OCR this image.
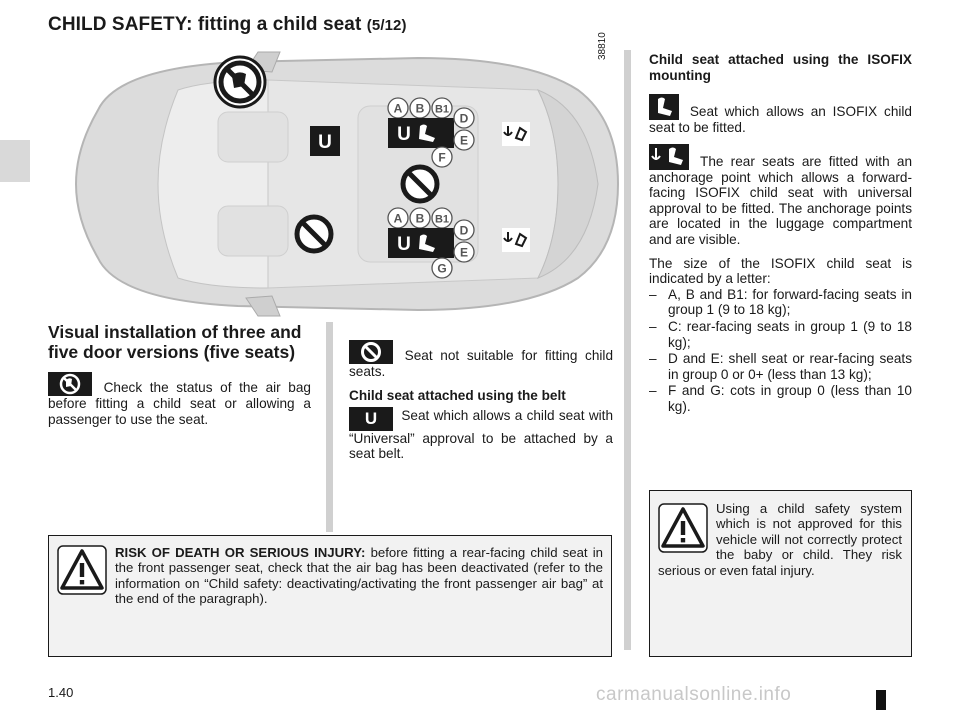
CHILD SAFETY: fitting a child seat (5/12)
U
A B B1
U
D
E
F
A B B1
U
D
E
G
38810
Visual installation of three and five door versions (five seats)

Check the status of the air bag before fitting a child seat or allowing a passenger to use the seat.

Seat not suitable for fitting child seats.

Child seat attached using the belt

U Seat which allows a child seat with “Universal” approval to be attached by a seat belt.

Child seat attached using the ISOFIX mounting

Seat which allows an ISOFIX child seat to be fitted.

The rear seats are fitted with an anchorage point which allows a forward-facing ISOFIX child seat with universal approval to be fitted. The anchorage points are located in the luggage compartment and are visible.

The size of the ISOFIX child seat is indicated by a letter:

– A, B and B1: for forward-facing seats in group 1 (9 to 18 kg);
– C: rear-facing seats in group 1 (9 to 18 kg);
– D and E: shell seat or rear-facing seats in group 0 or 0+ (less than 13 kg);
– F and G: cots in group 0 (less than 10 kg).
RISK OF DEATH OR SERIOUS INJURY: before fitting a rear-facing child seat in the front passenger seat, check that the air bag has been deactivated (refer to the information on “Child safety: deactivating/activating the front passenger air bag” at the end of the paragraph).
Using a child safety system which is not approved for this vehicle will not correctly protect the baby or child. They risk serious or even fatal injury.
1.40	carmanualsonline.info
